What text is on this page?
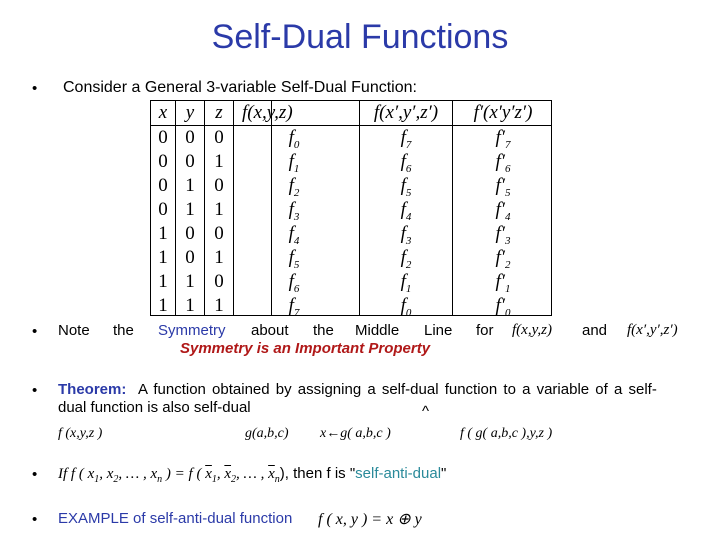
Self-Dual Functions
• Consider a General 3-variable Self-Dual Function:
x y	z	f(x,y,z)	f(x′,y′,z′)	f′(x′y′z′)
0 0	0	$f_0$	$f_7$	$f'_7$
0 0	1	$f_1$	$f_6$	$f'_6$
0 1	0	$f_2$	$f_5$	$f'_5$
0 1	1	$f_3$	$f_4$	$f'_4$
1 0	0	$f_4$	$f_3$	$f'_3$
1 0	1	$f_5$	$f_2$	$f'_2$
1 1	0	$f_6$	$f_1$	$f'_1$
1 1	1	$f_7$	$f_0$	$f'_0$
• Note the Symmetry about the Middle Line for f(x,y,z) and f(x′,y′,z′)
Symmetry is an Important Property
• Theorem: A function obtained by assigning a self-dual function to a variable of a self-
dual function is also self-dual	^
f (x,y,z )	g(a,b,c) x←g( a,b,c )	f ( g( a,b,c ),y,z )
• If f ( $x_1$, $x_2$, … , $x_n$ ) = f ( $\overline{x}_1$, $\overline{x}_2$, … , $\overline{x}_n$), then f is "self-anti-dual"
• EXAMPLE of self-anti-dual function f ( x, y ) = x ⊕ y
